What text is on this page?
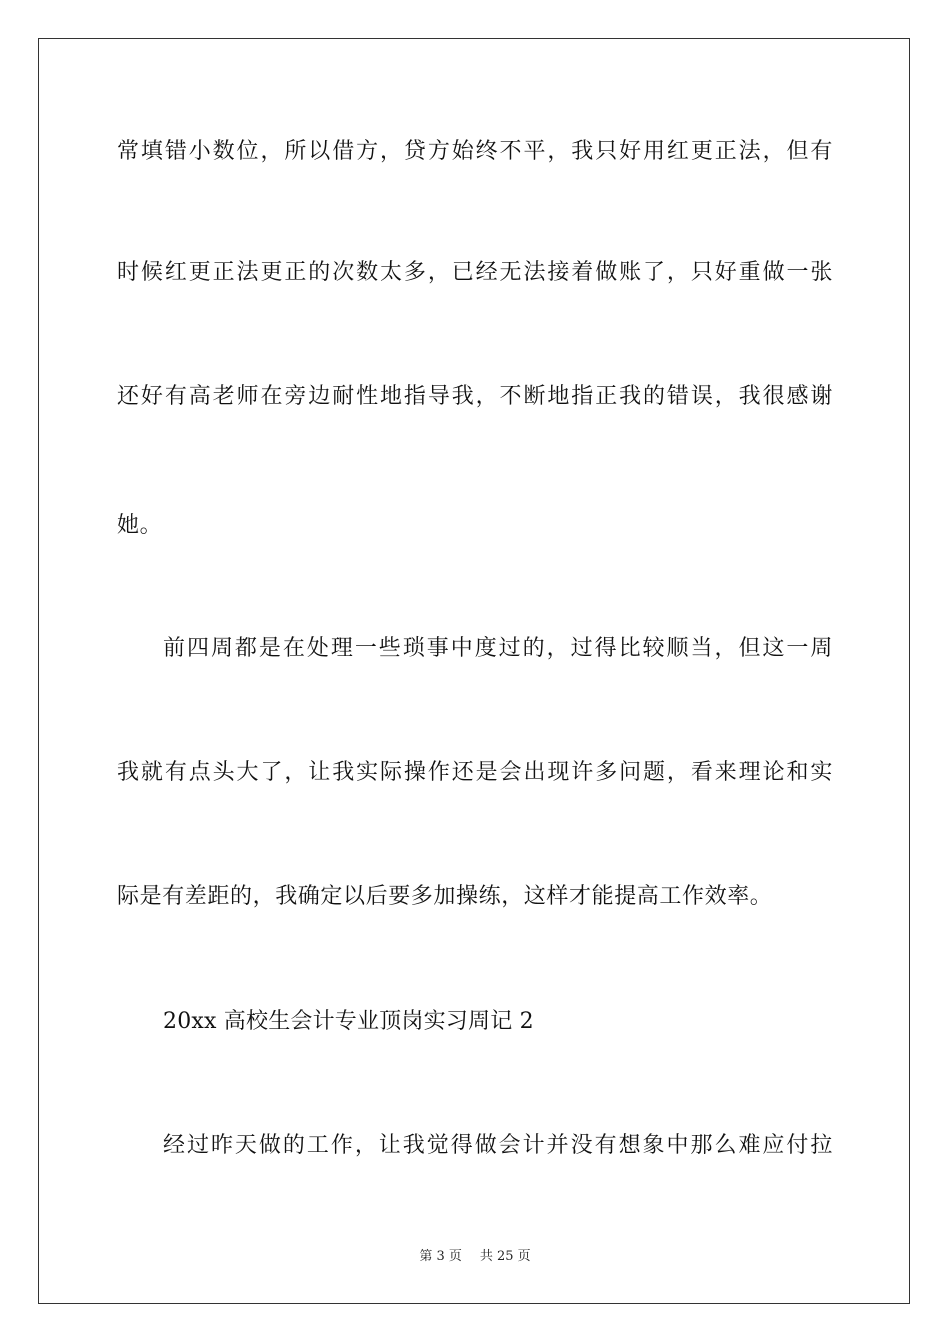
常填错小数位，所以借方，贷方始终不平，我只好用红更正法，但有
时候红更正法更正的次数太多，已经无法接着做账了，只好重做一张
还好有高老师在旁边耐性地指导我，不断地指正我的错误，我很感谢
她。
前四周都是在处理一些琐事中度过的，过得比较顺当，但这一周
我就有点头大了，让我实际操作还是会出现许多问题，看来理论和实
际是有差距的，我确定以后要多加操练，这样才能提高工作效率。
20xx 高校生会计专业顶岗实习周记 2
经过昨天做的工作，让我觉得做会计并没有想象中那么难应付拉
第 3 页 共 25 页
